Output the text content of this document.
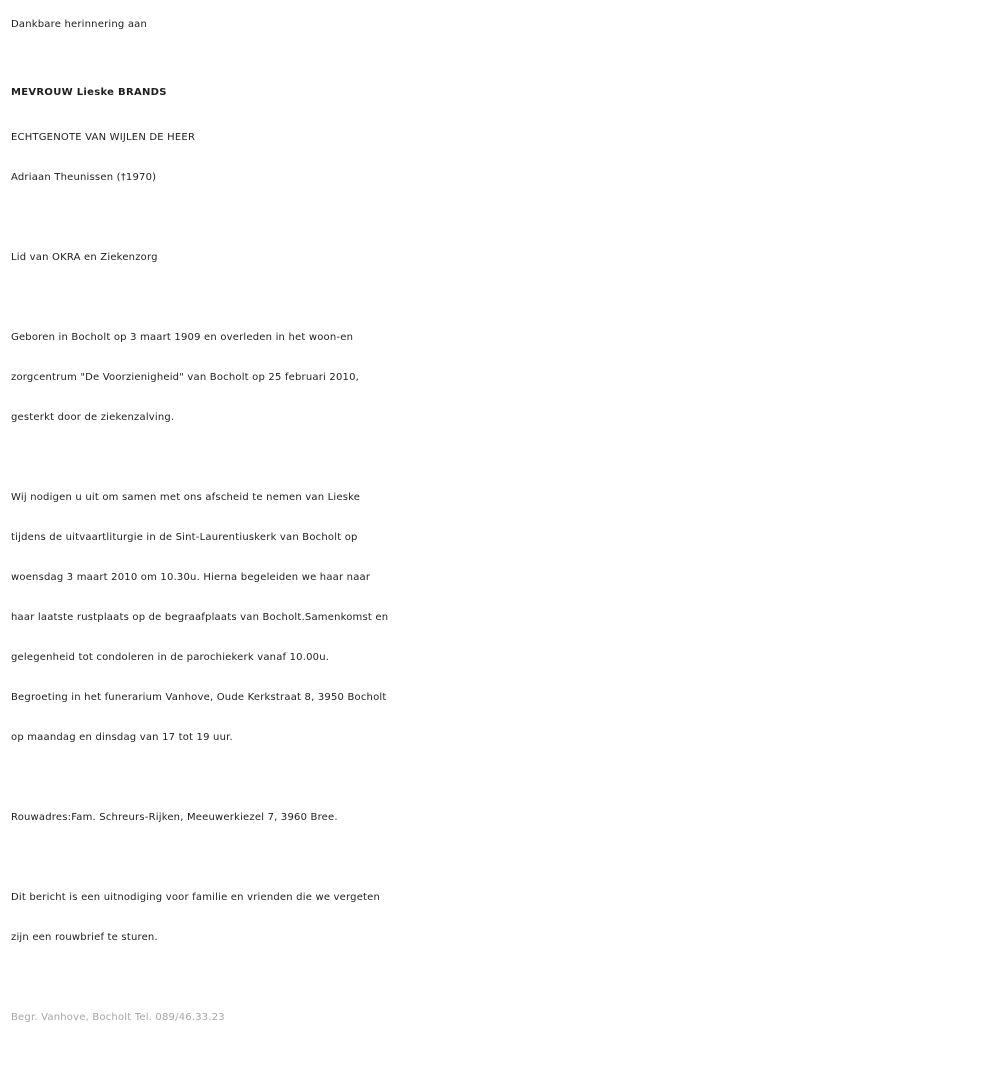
Dankbare herinnering aan
MEVROUW Lieske BRANDS
ECHTGENOTE VAN WIJLEN DE HEER
Adriaan Theunissen (†1970)
Lid van OKRA en Ziekenzorg
Geboren in Bocholt op 3 maart 1909 en overleden in het woon-en
zorgcentrum "De Voorzienigheid" van Bocholt op 25 februari 2010,
gesterkt door de ziekenzalving.
Wij nodigen u uit om samen met ons afscheid te nemen van Lieske
tijdens de uitvaartliturgie in de Sint-Laurentiuskerk van Bocholt op
woensdag 3 maart 2010 om 10.30u. Hierna begeleiden we haar naar
haar laatste rustplaats op de begraafplaats van Bocholt.Samenkomst en
gelegenheid tot condoleren in de parochiekerk vanaf 10.00u.
Begroeting in het funerarium Vanhove, Oude Kerkstraat 8, 3950 Bocholt
op maandag en dinsdag van 17 tot 19 uur.
Rouwadres:Fam. Schreurs-Rijken, Meeuwerkiezel 7, 3960 Bree.
Dit bericht is een uitnodiging voor familie en vrienden die we vergeten
zijn een rouwbrief te sturen.
Begr. Vanhove, Bocholt Tel. 089/46.33.23
